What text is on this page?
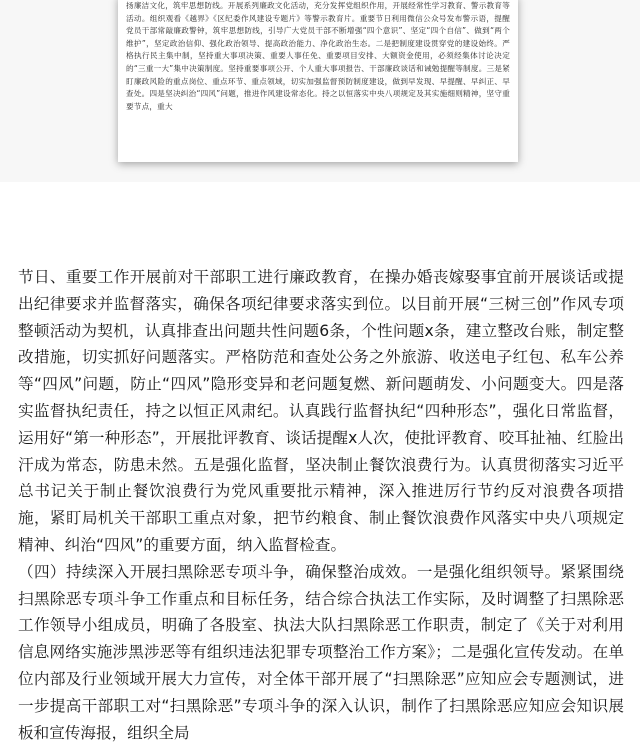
扬廉洁文化，筑牢思想防线。开展系列廉政文化活动，充分发挥党组织作用，开展经常性学习教育、警示教育等活动。组织观看《越界》《区纪委作风建设专题片》等警示教育片。重要节日利用微信公众号发布警示语，提醒党员干部常敲廉政警钟，筑牢思想防线，引导广大党员干部不断增强“四个意识”、坚定“四个自信”、做到“两个维护”，坚定政治信仰、强化政治领导、提高政治能力、净化政治生态。二是把制度建设贯穿党的建设始终。严格执行民主集中制，坚持重大事项决策、重要人事任免、重要项目安排、大额资金使用，必须经集体讨论决定的“三重一大”集中决策制度。坚持重要事项公开、个人重大事项报告、干部廉政谈话和诫勉提醒等制度。三是紧盯廉政风险的重点岗位、重点环节、重点领域，切实加强监督预防制度建设，做到早发现、早提醒、早纠正、早查处。四是坚决纠治“四风”问题，推进作风建设常态化。持之以恒落实中央八项规定及其实施细则精神，坚守重要节点，重大

节日、重要工作开展前对干部职工进行廉政教育，在操办婚丧嫁娶事宜前开展谈话或提出纪律要求并监督落实，确保各项纪律要求落实到位。以目前开展“三树三创”作风专项整顿活动为契机，认真排查出问题共性问题6条，个性问题x条，建立整改台账，制定整改措施，切实抓好问题落实。严格防范和查处公务之外旅游、收送电子红包、私车公养等“四风”问题，防止“四风”隐形变异和老问题复燃、新问题萌发、小问题变大。四是落实监督执纪责任，持之以恒正风肃纪。认真践行监督执纪“四种形态”，强化日常监督，运用好“第一种形态”，开展批评教育、谈话提醒x人次，使批评教育、咬耳扯袖、红脸出汗成为常态，防患未然。五是强化监督，坚决制止餐饮浪费行为。认真贯彻落实习近平总书记关于制止餐饮浪费行为党风重要批示精神，深入推进厉行节约反对浪费各项措施，紧盯局机关干部职工重点对象，把节约粮食、制止餐饮浪费作风落实中央八项规定精神、纠治“四风”的重要方面，纳入监督检查。

（四）持续深入开展扫黑除恶专项斗争，确保整治成效。一是强化组织领导。紧紧围绕扫黑除恶专项斗争工作重点和目标任务，结合综合执法工作实际，及时调整了扫黑除恶工作领导小组成员，明确了各股室、执法大队扫黑除恶工作职责，制定了《关于对利用信息网络实施涉黑涉恶等有组织违法犯罪专项整治工作方案》；二是强化宣传发动。在单位内部及行业领域开展大力宣传，对全体干部开展了“扫黑除恶”应知应会专题测试，进一步提高干部职工对“扫黑除恶”专项斗争的深入认识，制作了扫黑除恶应知应会知识展板和宣传海报，组织全局
